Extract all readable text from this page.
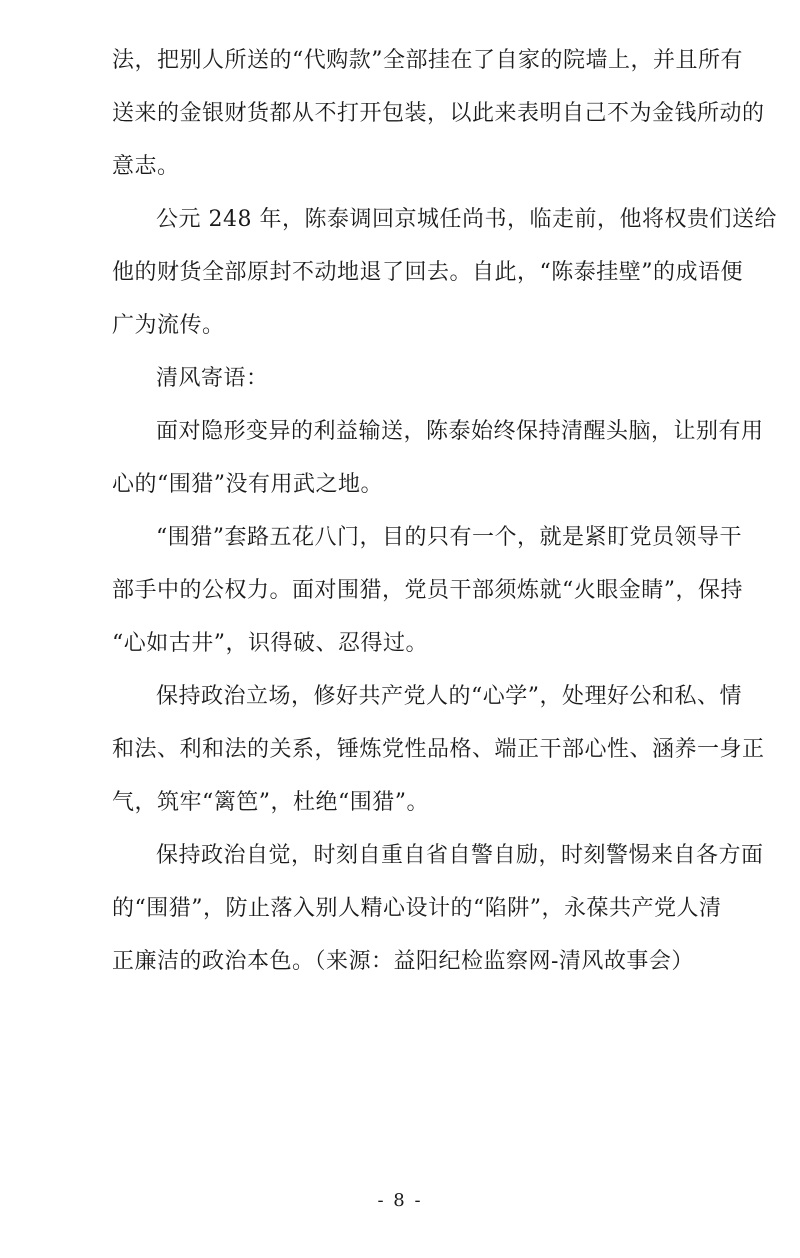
法，把别人所送的“代购款”全部挂在了自家的院墙上，并且所有
送来的金银财货都从不打开包装，以此来表明自己不为金钱所动的
意志。

公元 248 年，陈泰调回京城任尚书，临走前，他将权贵们送给
他的财货全部原封不动地退了回去。自此，“陈泰挂壁”的成语便
广为流传。

清风寄语：

面对隐形变异的利益输送，陈泰始终保持清醒头脑，让别有用
心的“围猎”没有用武之地。

“围猎”套路五花八门，目的只有一个，就是紧盯党员领导干
部手中的公权力。面对围猎，党员干部须炼就“火眼金睛”，保持
“心如古井”，识得破、忍得过。

保持政治立场，修好共产党人的“心学”，处理好公和私、情
和法、利和法的关系，锤炼党性品格、端正干部心性、涵养一身正
气，筑牢“篱笆”，杜绝“围猎”。

保持政治自觉，时刻自重自省自警自励，时刻警惕来自各方面
的“围猎”，防止落入别人精心设计的“陷阱”，永葆共产党人清
正廉洁的政治本色。（来源：益阳纪检监察网-清风故事会）

- 8 -
